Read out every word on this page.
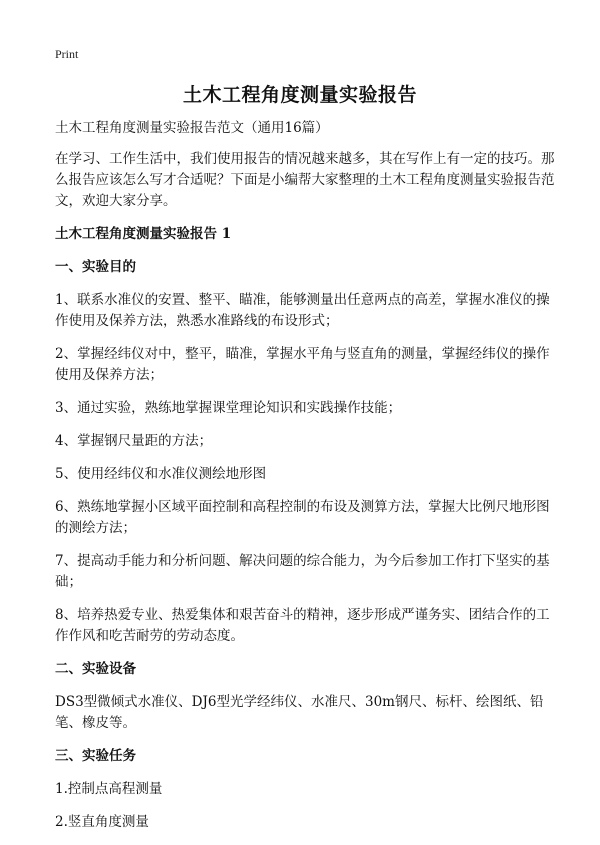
Print
土木工程角度测量实验报告

土木工程角度测量实验报告范文（通用16篇）

在学习、工作生活中，我们使用报告的情况越来越多，其在写作上有一定的技巧。那么报告应该怎么写才合适呢？下面是小编帮大家整理的土木工程角度测量实验报告范文，欢迎大家分享。

土木工程角度测量实验报告 1
一、实验目的

1、联系水准仪的安置、整平、瞄准，能够测量出任意两点的高差，掌握水准仪的操作使用及保养方法，熟悉水准路线的布设形式；

2、掌握经纬仪对中，整平，瞄准，掌握水平角与竖直角的测量，掌握经纬仪的操作使用及保养方法；

3、通过实验，熟练地掌握课堂理论知识和实践操作技能；

4、掌握钢尺量距的方法；

5、使用经纬仪和水准仪测绘地形图

6、熟练地掌握小区域平面控制和高程控制的布设及测算方法，掌握大比例尺地形图的测绘方法；

7、提高动手能力和分析问题、解决问题的综合能力，为今后参加工作打下坚实的基础；

8、培养热爱专业、热爱集体和艰苦奋斗的精神，逐步形成严谨务实、团结合作的工作作风和吃苦耐劳的劳动态度。

二、实验设备

DS3型微倾式水准仪、DJ6型光学经纬仪、水准尺、30m钢尺、标杆、绘图纸、铅笔、橡皮等。

三、实验任务

1.控制点高程测量

2.竖直角度测量
